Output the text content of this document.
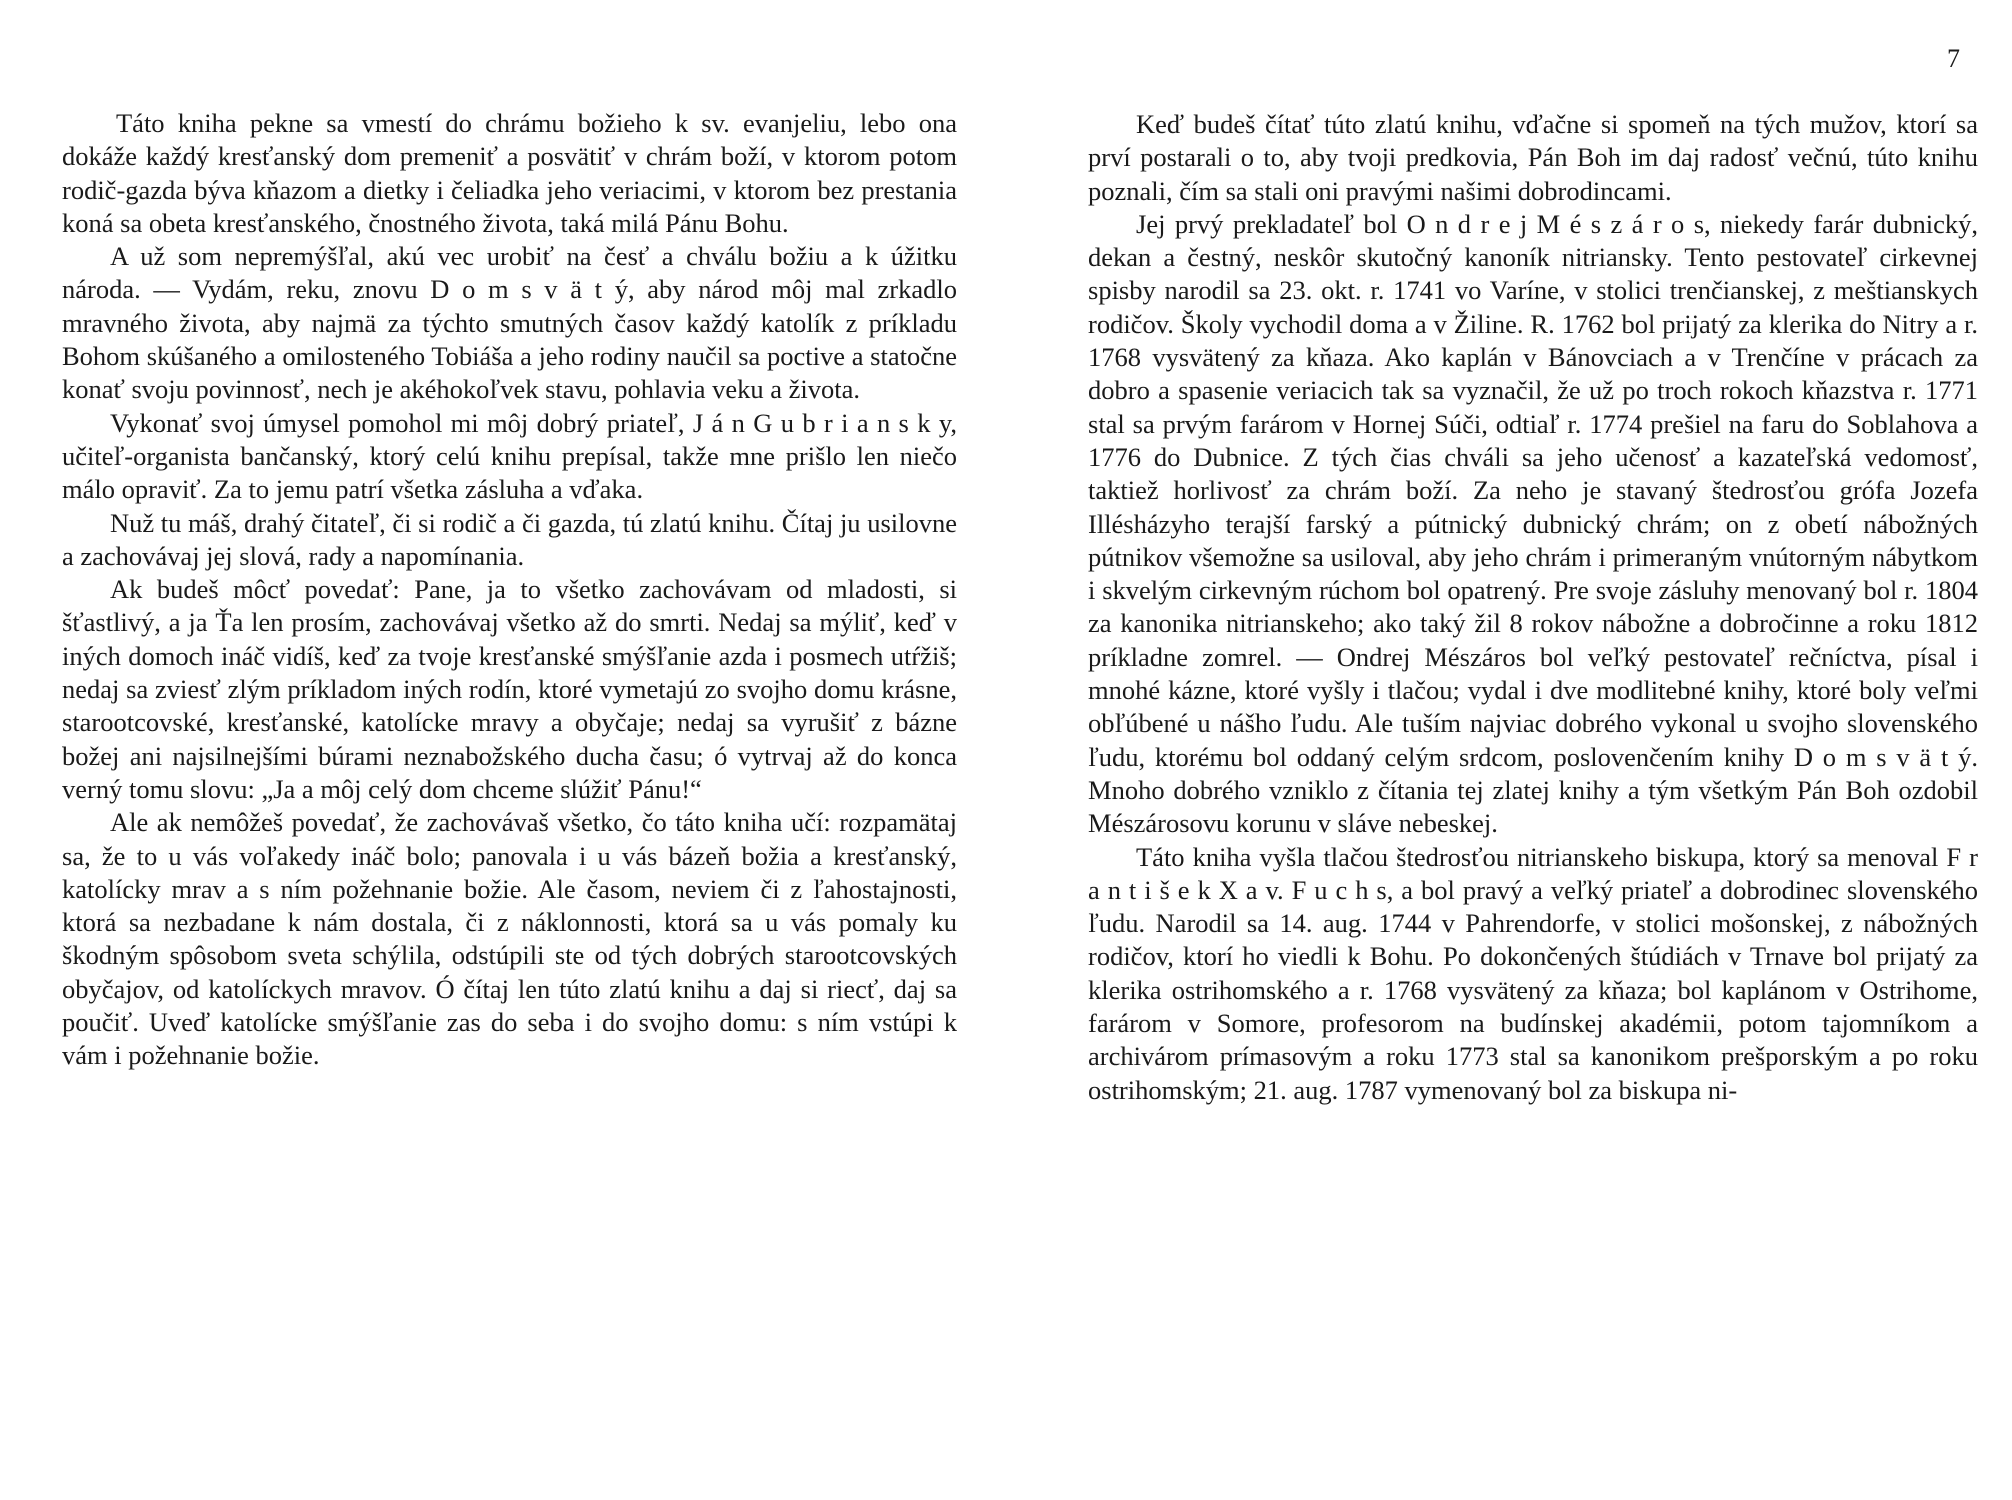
Táto kniha pekne sa vmestí do chrámu božieho k sv. evanjeliu, lebo ona dokáže každý kresťanský dom premeniť a posvätiť v chrám boží, v ktorom potom rodič-gazda býva kňazom a dietky i čeliadka jeho veriacimi, v ktorom bez prestania koná sa obeta kresťanského, čnostného života, taká milá Pánu Bohu.

A už som nepremýšľal, akú vec urobiť na česť a chválu božiu a k úžitku národa. — Vydám, reku, znovu D o m s v ä t ý, aby národ môj mal zrkadlo mravného života, aby najmä za týchto smutných časov každý katolík z príkladu Bohom skúšaného a omilosteného Tobiáša a jeho rodiny naučil sa poctive a statočne konať svoju povinnosť, nech je akéhokoľvek stavu, pohlavia veku a života.

Vykonať svoj úmysel pomohol mi môj dobrý priateľ, J á n G u b r i a n s k y, učiteľ-organista bančanský, ktorý celú knihu prepísal, takže mne prišlo len niečo málo opraviť. Za to jemu patrí všetka zásluha a vďaka.

Nuž tu máš, drahý čitateľ, či si rodič a či gazda, tú zlatú knihu. Čítaj ju usilovne a zachovávaj jej slová, rady a napomínania.

Ak budeš môcť povedať: Pane, ja to všetko zachovávam od mladosti, si šťastlivý, a ja Ťa len prosím, zachovávaj všetko až do smrti. Nedaj sa mýliť, keď v iných domoch ináč vidíš, keď za tvoje kresťanské smýšľanie azda i posmech utŕžiš; nedaj sa zviesť zlým príkladom iných rodín, ktoré vymetajú zo svojho domu krásne, starootcovské, kresťanské, katolícke mravy a obyčaje; nedaj sa vyrušiť z bázne božej ani najsilnejšími búrami neznabožského ducha času; ó vytrvaj až do konca verný tomu slovu: „Ja a môj celý dom chceme slúžiť Pánu!“

Ale ak nemôžeš povedať, že zachovávaš všetko, čo táto kniha učí: rozpamätaj sa, že to u vás voľakedy ináč bolo; panovala i u vás bázeň božia a kresťanský, katolícky mrav a s ním požehnanie božie. Ale časom, neviem či z ľahostajnosti, ktorá sa nezbadane k nám dostala, či z náklonnosti, ktorá sa u vás pomaly ku škodným spôsobom sveta schýlila, odstúpili ste od tých dobrých starootcovských obyčajov, od katolíckych mravov. Ó čítaj len túto zlatú knihu a daj si riecť, daj sa poučiť. Uveď katolícke smýšľanie zas do seba i do svojho domu: s ním vstúpi k vám i požehnanie božie.

7

Keď budeš čítať túto zlatú knihu, vďačne si spomeň na tých mužov, ktorí sa prví postarali o to, aby tvoji predkovia, Pán Boh im daj radosť večnú, túto knihu poznali, čím sa stali oni pravými našimi dobrodincami.

Jej prvý prekladateľ bol O n d r e j M é s z á r o s, niekedy farár dubnický, dekan a čestný, neskôr skutočný kanoník nitriansky. Tento pestovateľ cirkevnej spisby narodil sa 23. okt. r. 1741 vo Varíne, v stolici trenčianskej, z meštianskych rodičov. Školy vychodil doma a v Žiline. R. 1762 bol prijatý za klerika do Nitry a r. 1768 vysvätený za kňaza. Ako kaplán v Bánovciach a v Trenčíne v prácach za dobro a spasenie veriacich tak sa vyznačil, že už po troch rokoch kňazstva r. 1771 stal sa prvým farárom v Hornej Súči, odtiaľ r. 1774 prešiel na faru do Soblahova a 1776 do Dubnice. Z tých čias chváli sa jeho učenosť a kazateľská vedomosť, taktiež horlivosť za chrám boží. Za neho je stavaný štedrosťou grófa Jozefa Illésházyho terajší farský a pútnický dubnický chrám; on z obetí nábožných pútnikov všemožne sa usiloval, aby jeho chrám i primeraným vnútorným nábytkom i skvelým cirkevným rúchom bol opatrený. Pre svoje zásluhy menovaný bol r. 1804 za kanonika nitrianskeho; ako taký žil 8 rokov nábožne a dobročinne a roku 1812 príkladne zomrel. — Ondrej Mészáros bol veľký pestovateľ rečníctva, písal i mnohé kázne, ktoré vyšly i tlačou; vydal i dve modlitebné knihy, ktoré boly veľmi obľúbené u nášho ľudu. Ale tuším najviac dobrého vykonal u svojho slovenského ľudu, ktorému bol oddaný celým srdcom, poslovenčením knihy D o m s v ä t ý. Mnoho dobrého vzniklo z čítania tej zlatej knihy a tým všetkým Pán Boh ozdobil Mészárosovu korunu v sláve nebeskej.

Táto kniha vyšla tlačou štedrosťou nitrianskeho biskupa, ktorý sa menoval F r a n t i š e k X a v. F u c h s, a bol pravý a veľký priateľ a dobrodinec slovenského ľudu. Narodil sa 14. aug. 1744 v Pahrendorfe, v stolici mošonskej, z nábožných rodičov, ktorí ho viedli k Bohu. Po dokončených štúdiách v Trnave bol prijatý za klerika ostrihomského a r. 1768 vysvätený za kňaza; bol kaplánom v Ostrihome, farárom v Somore, profesorom na budínskej akadémii, potom tajomníkom a archivárom prímasovým a roku 1773 stal sa kanonikom prešporským a po roku ostrihomským; 21. aug. 1787 vymenovaný bol za biskupa ni-
